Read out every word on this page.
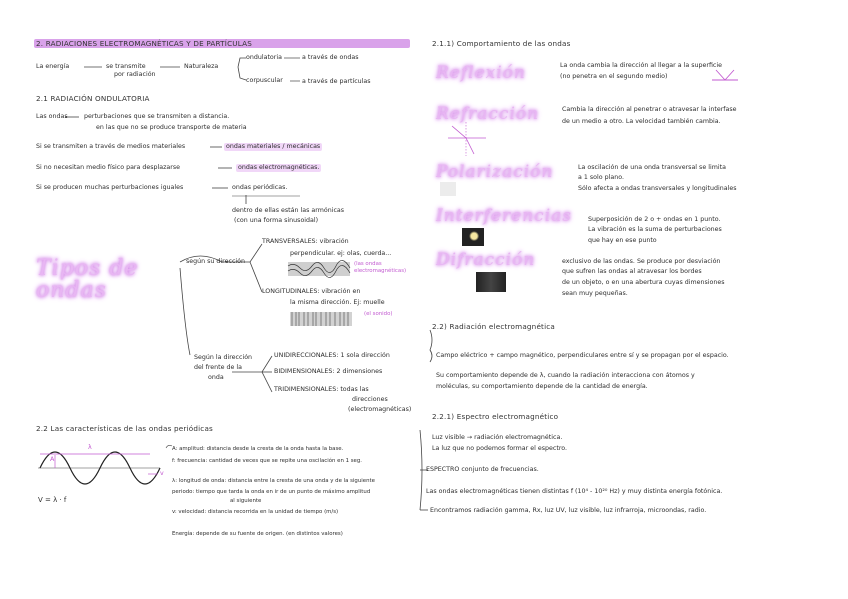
2. RADIACIONES ELECTROMAGNÉTICAS Y DE PARTÍCULAS
La energía	se transmite
por radiación
Naturaleza
ondulatoria	a través de ondas
corpuscular	a través de partículas
2.1 RADIACIÓN ONDULATORIA
Las ondas	perturbaciones que se transmiten a distancia.
en las que no se produce transporte de materia
Si se transmiten a través de medios materiales	ondas materiales / mecánicas
Si no necesitan medio físico para desplazarse	ondas electromagnéticas.
Si se producen muchas perturbaciones iguales	ondas periódicas.
dentro de ellas están las armónicas
(con una forma sinusoidal)
Tipos de ondas
según su dirección
TRANSVERSALES: vibración
perpendicular. ej: olas, cuerda...
(las ondas
electromagnéticas)
LONGITUDINALES: vibración en
la misma dirección. Ej: muelle
(el sonido)
Según la dirección
del frente de la
onda
UNIDIRECCIONALES: 1 sola dirección
BIDIMENSIONALES: 2 dimensiones
TRIDIMENSIONALES: todas las
direcciones
(electromagnéticas)
2.2 Las características de las ondas periódicas
A
λ
v
V = λ · f
A: amplitud: distancia desde la cresta de la onda hasta la base.
f: frecuencia: cantidad de veces que se repite una oscilación en 1 seg.
λ: longitud de onda: distancia entre la cresta de una onda y de la siguiente
periodo: tiempo que tarda la onda en ir de un punto de máximo amplitud
al siguiente
v: velocidad: distancia recorrida en la unidad de tiempo (m/s)
Energía: depende de su fuente de origen. (en distintos valores)
2.1.1) Comportamiento de las ondas
Reflexión	La onda cambia la dirección al llegar a la superficie
(no penetra en el segundo medio)
Refracción	Cambia la dirección al penetrar o atravesar la interfase
de un medio a otro. La velocidad también cambia.
Polarización	La oscilación de una onda transversal se limita
a 1 solo plano.
Sólo afecta a ondas transversales y longitudinales
Interferencias	Superposición de 2 o + ondas en 1 punto.
La vibración es la suma de perturbaciones
que hay en ese punto
Difracción	exclusivo de las ondas. Se produce por desviación
que sufren las ondas al atravesar los bordes
de un objeto, o en una abertura cuyas dimensiones
sean muy pequeñas.
2.2) Radiación electromagnética
Campo eléctrico + campo magnético, perpendiculares entre sí y se propagan por el espacio.
Su comportamiento depende de λ, cuando la radiación interacciona con átomos y
moléculas, su comportamiento depende de la cantidad de energía.
2.2.1) Espectro electromagnético
Luz visible → radiación electromagnética.
La luz que no podemos formar el espectro.
ESPECTRO conjunto de frecuencias.
Las ondas electromagnéticas tienen distintas f (10⁴ - 10²⁰ Hz) y muy distinta energía fotónica.
Encontramos radiación gamma, Rx, luz UV, luz visible, luz infrarroja, microondas, radio.
